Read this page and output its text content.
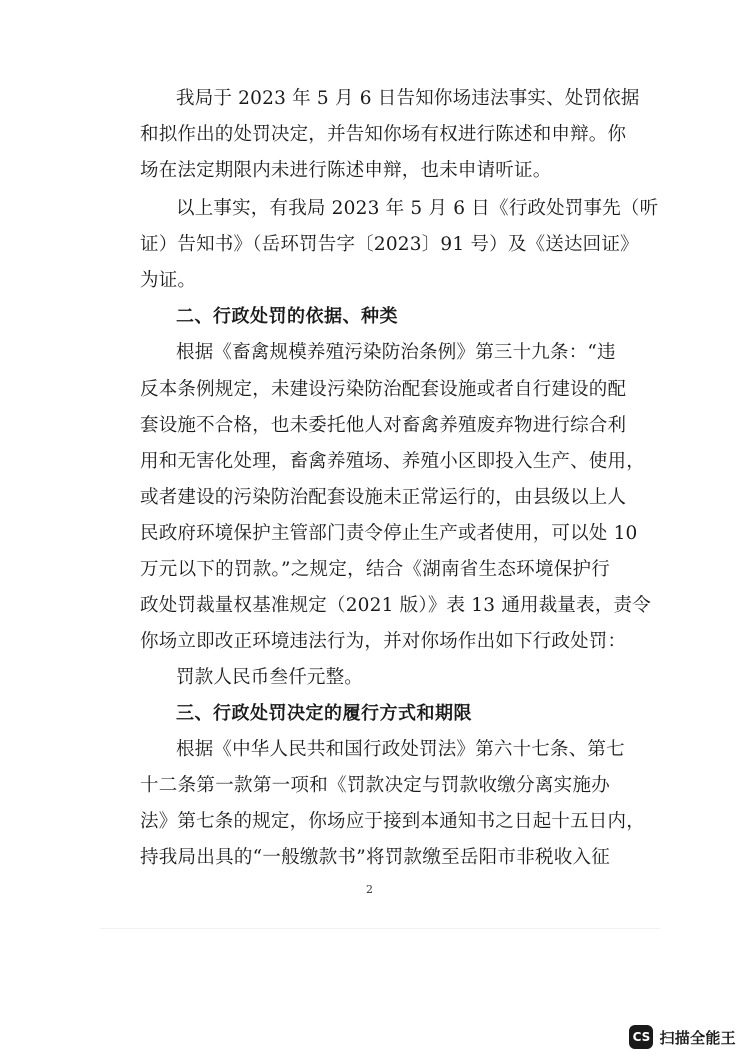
我局于 2023 年 5 月 6 日告知你场违法事实、处罚依据
和拟作出的处罚决定，并告知你场有权进行陈述和申辩。你
场在法定期限内未进行陈述申辩，也未申请听证。
以上事实，有我局 2023 年 5 月 6 日《行政处罚事先（听
证）告知书》（岳环罚告字〔2023〕91 号）及《送达回证》
为证。
二、行政处罚的依据、种类
根据《畜禽规模养殖污染防治条例》第三十九条：“违
反本条例规定，未建设污染防治配套设施或者自行建设的配
套设施不合格，也未委托他人对畜禽养殖废弃物进行综合利
用和无害化处理，畜禽养殖场、养殖小区即投入生产、使用，
或者建设的污染防治配套设施未正常运行的，由县级以上人
民政府环境保护主管部门责令停止生产或者使用，可以处 10
万元以下的罚款。”之规定，结合《湖南省生态环境保护行
政处罚裁量权基准规定（2021 版）》表 13 通用裁量表，责令
你场立即改正环境违法行为，并对你场作出如下行政处罚：
罚款人民币叁仟元整。
三、行政处罚决定的履行方式和期限
根据《中华人民共和国行政处罚法》第六十七条、第七
十二条第一款第一项和《罚款决定与罚款收缴分离实施办
法》第七条的规定，你场应于接到本通知书之日起十五日内，
持我局出具的“一般缴款书”将罚款缴至岳阳市非税收入征
2
CS 扫描全能王
